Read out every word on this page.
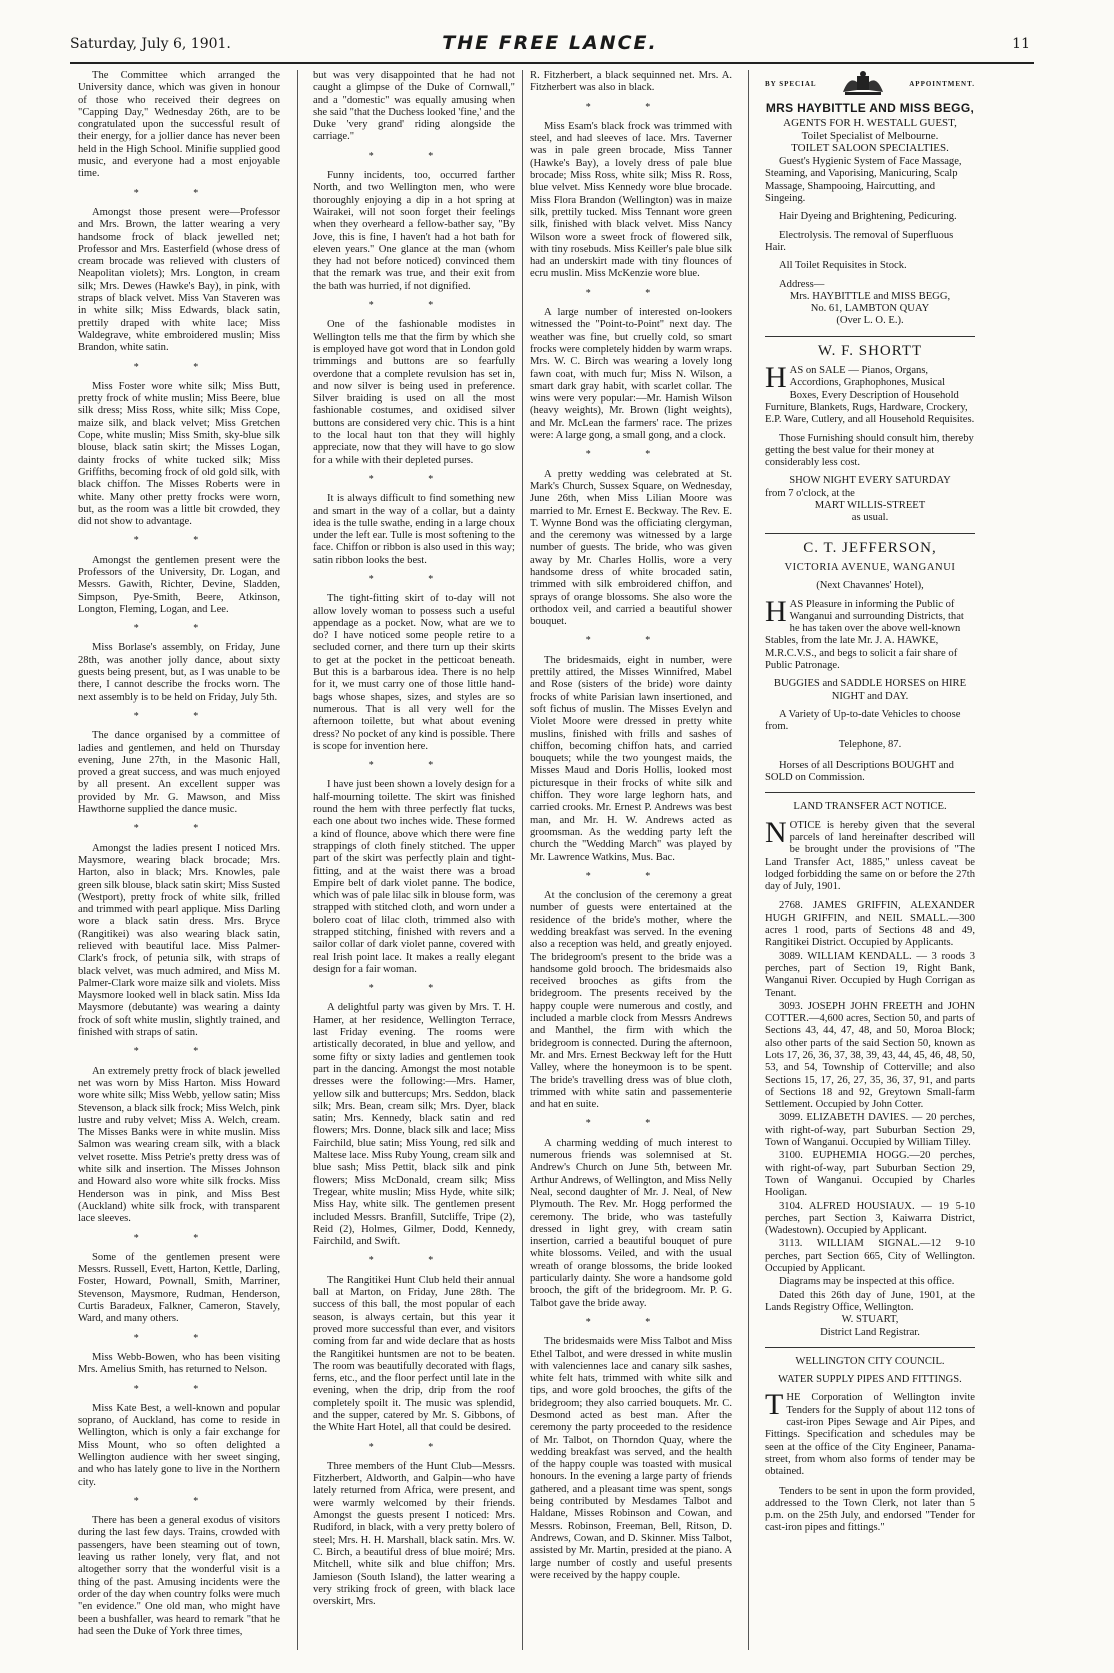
Saturday, July 6, 1901.	THE FREE LANCE.	11

The Committee which arranged the University dance, which was given in honour of those who received their degrees on "Capping Day," Wednesday 26th, are to be congratulated upon the successful result of their energy, for a jollier dance has never been held in the High School. Minifie supplied good music, and everyone had a most enjoyable time.

* *

Amongst those present were—Professor and Mrs. Brown, the latter wearing a very handsome frock of black jewelled net; Professor and Mrs. Easterfield (whose dress of cream brocade was relieved with clusters of Neapolitan violets); Mrs. Longton, in cream silk; Mrs. Dewes (Hawke's Bay), in pink, with straps of black velvet. Miss Van Staveren was in white silk; Miss Edwards, black satin, prettily draped with white lace; Miss Waldegrave, white embroidered muslin; Miss Brandon, white satin.

* *

Miss Foster wore white silk; Miss Butt, pretty frock of white muslin; Miss Beere, blue silk dress; Miss Ross, white silk; Miss Cope, maize silk, and black velvet; Miss Gretchen Cope, white muslin; Miss Smith, sky-blue silk blouse, black satin skirt; the Misses Logan, dainty frocks of white tucked silk; Miss Griffiths, becoming frock of old gold silk, with black chiffon. The Misses Roberts were in white. Many other pretty frocks were worn, but, as the room was a little bit crowded, they did not show to advantage.

* *

Amongst the gentlemen present were the Professors of the University, Dr. Logan, and Messrs. Gawith, Richter, Devine, Sladden, Simpson, Pye-Smith, Beere, Atkinson, Longton, Fleming, Logan, and Lee.

* *

Miss Borlase's assembly, on Friday, June 28th, was another jolly dance, about sixty guests being present, but, as I was unable to be there, I cannot describe the frocks worn. The next assembly is to be held on Friday, July 5th.

* *

The dance organised by a committee of ladies and gentlemen, and held on Thursday evening, June 27th, in the Masonic Hall, proved a great success, and was much enjoyed by all present. An excellent supper was provided by Mr. G. Mawson, and Miss Hawthorne supplied the dance music.

* *

Amongst the ladies present I noticed Mrs. Maysmore, wearing black brocade; Mrs. Harton, also in black; Mrs. Knowles, pale green silk blouse, black satin skirt; Miss Susted (Westport), pretty frock of white silk, frilled and trimmed with pearl applique. Miss Darling wore a black satin dress. Mrs. Bryce (Rangitikei) was also wearing black satin, relieved with beautiful lace. Miss Palmer-Clark's frock, of petunia silk, with straps of black velvet, was much admired, and Miss M. Palmer-Clark wore maize silk and violets. Miss Maysmore looked well in black satin. Miss Ida Maysmore (debutante) was wearing a dainty frock of soft white muslin, slightly trained, and finished with straps of satin.

* *

An extremely pretty frock of black jewelled net was worn by Miss Harton. Miss Howard wore white silk; Miss Webb, yellow satin; Miss Stevenson, a black silk frock; Miss Welch, pink lustre and ruby velvet; Miss A. Welch, cream. The Misses Banks were in white muslin. Miss Salmon was wearing cream silk, with a black velvet rosette. Miss Petrie's pretty dress was of white silk and insertion. The Misses Johnson and Howard also wore white silk frocks. Miss Henderson was in pink, and Miss Best (Auckland) white silk frock, with transparent lace sleeves.

* *

Some of the gentlemen present were Messrs. Russell, Evett, Harton, Kettle, Darling, Foster, Howard, Pownall, Smith, Marriner, Stevenson, Maysmore, Rudman, Henderson, Curtis Baradeux, Falkner, Cameron, Stavely, Ward, and many others.

* *

Miss Webb-Bowen, who has been visiting Mrs. Amelius Smith, has returned to Nelson.

* *

Miss Kate Best, a well-known and popular soprano, of Auckland, has come to reside in Wellington, which is only a fair exchange for Miss Mount, who so often delighted a Wellington audience with her sweet singing, and who has lately gone to live in the Northern city.

* *

There has been a general exodus of visitors during the last few days. Trains, crowded with passengers, have been steaming out of town, leaving us rather lonely, very flat, and not altogether sorry that the wonderful visit is a thing of the past. Amusing incidents were the order of the day when country folks were much "en evidence." One old man, who might have been a bushfaller, was heard to remark "that he had seen the Duke of York three times,

but was very disappointed that he had not caught a glimpse of the Duke of Cornwall," and a "domestic" was equally amusing when she said "that the Duchess looked 'fine,' and the Duke 'very grand' riding alongside the carriage."

* *

Funny incidents, too, occurred farther North, and two Wellington men, who were thoroughly enjoying a dip in a hot spring at Wairakei, will not soon forget their feelings when they overheard a fellow-bather say, "By Jove, this is fine, I haven't had a hot bath for eleven years." One glance at the man (whom they had not before noticed) convinced them that the remark was true, and their exit from the bath was hurried, if not dignified.

* *

One of the fashionable modistes in Wellington tells me that the firm by which she is employed have got word that in London gold trimmings and buttons are so fearfully overdone that a complete revulsion has set in, and now silver is being used in preference. Silver braiding is used on all the most fashionable costumes, and oxidised silver buttons are considered very chic. This is a hint to the local haut ton that they will highly appreciate, now that they will have to go slow for a while with their depleted purses.

* *

It is always difficult to find something new and smart in the way of a collar, but a dainty idea is the tulle swathe, ending in a large choux under the left ear. Tulle is most softening to the face. Chiffon or ribbon is also used in this way; satin ribbon looks the best.

* *

The tight-fitting skirt of to-day will not allow lovely woman to possess such a useful appendage as a pocket. Now, what are we to do? I have noticed some people retire to a secluded corner, and there turn up their skirts to get at the pocket in the petticoat beneath. But this is a barbarous idea. There is no help for it, we must carry one of those little hand-bags whose shapes, sizes, and styles are so numerous. That is all very well for the afternoon toilette, but what about evening dress? No pocket of any kind is possible. There is scope for invention here.

* *

I have just been shown a lovely design for a half-mourning toilette. The skirt was finished round the hem with three perfectly flat tucks, each one about two inches wide. These formed a kind of flounce, above which there were fine strappings of cloth finely stitched. The upper part of the skirt was perfectly plain and tight-fitting, and at the waist there was a broad Empire belt of dark violet panne. The bodice, which was of pale lilac silk in blouse form, was strapped with stitched cloth, and worn under a bolero coat of lilac cloth, trimmed also with strapped stitching, finished with revers and a sailor collar of dark violet panne, covered with real Irish point lace. It makes a really elegant design for a fair woman.

* *

A delightful party was given by Mrs. T. H. Hamer, at her residence, Wellington Terrace, last Friday evening. The rooms were artistically decorated, in blue and yellow, and some fifty or sixty ladies and gentlemen took part in the dancing. Amongst the most notable dresses were the following:—Mrs. Hamer, yellow silk and buttercups; Mrs. Seddon, black silk; Mrs. Bean, cream silk; Mrs. Dyer, black satin; Mrs. Kennedy, black satin and red flowers; Mrs. Donne, black silk and lace; Miss Fairchild, blue satin; Miss Young, red silk and Maltese lace. Miss Ruby Young, cream silk and blue sash; Miss Pettit, black silk and pink flowers; Miss McDonald, cream silk; Miss Tregear, white muslin; Miss Hyde, white silk; Miss Hay, white silk. The gentlemen present included Messrs. Branfill, Sutcliffe, Tripe (2), Reid (2), Holmes, Gilmer, Dodd, Kennedy, Fairchild, and Swift.

* *

The Rangitikei Hunt Club held their annual ball at Marton, on Friday, June 28th. The success of this ball, the most popular of each season, is always certain, but this year it proved more successful than ever, and visitors coming from far and wide declare that as hosts the Rangitikei huntsmen are not to be beaten. The room was beautifully decorated with flags, ferns, etc., and the floor perfect until late in the evening, when the drip, drip from the roof completely spoilt it. The music was splendid, and the supper, catered by Mr. S. Gibbons, of the White Hart Hotel, all that could be desired.

* *

Three members of the Hunt Club—Messrs. Fitzherbert, Aldworth, and Galpin—who have lately returned from Africa, were present, and were warmly welcomed by their friends. Amongst the guests present I noticed: Mrs. Rudiford, in black, with a very pretty bolero of steel; Mrs. H. H. Marshall, black satin. Mrs. W. C. Birch, a beautiful dress of blue moiré; Mrs. Mitchell, white silk and blue chiffon; Mrs. Jamieson (South Island), the latter wearing a very striking frock of green, with black lace overskirt, Mrs.

R. Fitzherbert, a black sequinned net. Mrs. A. Fitzherbert was also in black.

* *

Miss Esam's black frock was trimmed with steel, and had sleeves of lace. Mrs. Taverner was in pale green brocade, Miss Tanner (Hawke's Bay), a lovely dress of pale blue brocade; Miss Ross, white silk; Miss R. Ross, blue velvet. Miss Kennedy wore blue brocade. Miss Flora Brandon (Wellington) was in maize silk, prettily tucked. Miss Tennant wore green silk, finished with black velvet. Miss Nancy Wilson wore a sweet frock of flowered silk, with tiny rosebuds. Miss Keiller's pale blue silk had an underskirt made with tiny flounces of ecru muslin. Miss McKenzie wore blue.

* *

A large number of interested on-lookers witnessed the "Point-to-Point" next day. The weather was fine, but cruelly cold, so smart frocks were completely hidden by warm wraps. Mrs. W. C. Birch was wearing a lovely long fawn coat, with much fur; Miss N. Wilson, a smart dark gray habit, with scarlet collar. The wins were very popular:—Mr. Hamish Wilson (heavy weights), Mr. Brown (light weights), and Mr. McLean the farmers' race. The prizes were: A large gong, a small gong, and a clock.

* *

A pretty wedding was celebrated at St. Mark's Church, Sussex Square, on Wednesday, June 26th, when Miss Lilian Moore was married to Mr. Ernest E. Beckway. The Rev. E. T. Wynne Bond was the officiating clergyman, and the ceremony was witnessed by a large number of guests. The bride, who was given away by Mr. Charles Hollis, wore a very handsome dress of white brocaded satin, trimmed with silk embroidered chiffon, and sprays of orange blossoms. She also wore the orthodox veil, and carried a beautiful shower bouquet.

* *

The bridesmaids, eight in number, were prettily attired, the Misses Winnifred, Mabel and Rose (sisters of the bride) wore dainty frocks of white Parisian lawn insertioned, and soft fichus of muslin. The Misses Evelyn and Violet Moore were dressed in pretty white muslins, finished with frills and sashes of chiffon, becoming chiffon hats, and carried bouquets; while the two youngest maids, the Misses Maud and Doris Hollis, looked most picturesque in their frocks of white silk and chiffon. They wore large leghorn hats, and carried crooks. Mr. Ernest P. Andrews was best man, and Mr. H. W. Andrews acted as groomsman. As the wedding party left the church the "Wedding March" was played by Mr. Lawrence Watkins, Mus. Bac.

* *

At the conclusion of the ceremony a great number of guests were entertained at the residence of the bride's mother, where the wedding breakfast was served. In the evening also a reception was held, and greatly enjoyed. The bridegroom's present to the bride was a handsome gold brooch. The bridesmaids also received brooches as gifts from the bridegroom. The presents received by the happy couple were numerous and costly, and included a marble clock from Messrs Andrews and Manthel, the firm with which the bridegroom is connected. During the afternoon, Mr. and Mrs. Ernest Beckway left for the Hutt Valley, where the honeymoon is to be spent. The bride's travelling dress was of blue cloth, trimmed with white satin and passementerie and hat en suite.

* *

A charming wedding of much interest to numerous friends was solemnised at St. Andrew's Church on June 5th, between Mr. Arthur Andrews, of Wellington, and Miss Nelly Neal, second daughter of Mr. J. Neal, of New Plymouth. The Rev. Mr. Hogg performed the ceremony. The bride, who was tastefully dressed in light grey, with cream satin insertion, carried a beautiful bouquet of pure white blossoms. Veiled, and with the usual wreath of orange blossoms, the bride looked particularly dainty. She wore a handsome gold brooch, the gift of the bridegroom. Mr. P. G. Talbot gave the bride away.

* *

The bridesmaids were Miss Talbot and Miss Ethel Talbot, and were dressed in white muslin with valenciennes lace and canary silk sashes, white felt hats, trimmed with white silk and tips, and wore gold brooches, the gifts of the bridegroom; they also carried bouquets. Mr. C. Desmond acted as best man. After the ceremony the party proceeded to the residence of Mr. Talbot, on Thorndon Quay, where the wedding breakfast was served, and the health of the happy couple was toasted with musical honours. In the evening a large party of friends gathered, and a pleasant time was spent, songs being contributed by Mesdames Talbot and Haldane, Misses Robinson and Cowan, and Messrs. Robinson, Freeman, Bell, Ritson, D. Andrews, Cowan, and D. Skinner. Miss Talbot, assisted by Mr. Martin, presided at the piano. A large number of costly and useful presents were received by the happy couple.

BY SPECIAL	APPOINTMENT.
MRS HAYBITTLE AND MISS BEGG,
AGENTS FOR H. WESTALL GUEST,
Toilet Specialist of Melbourne.
TOILET SALOON SPECIALTIES.

Guest's Hygienic System of Face Massage, Steaming, and Vaporising, Manicuring, Scalp Massage, Shampooing, Haircutting, and Singeing.

Hair Dyeing and Brightening, Pedicuring.

Electrolysis. The removal of Superfluous Hair.

All Toilet Requisites in Stock.

Address—
Mrs. HAYBITTLE and MISS BEGG,
No. 61, LAMBTON QUAY
(Over L. O. E.).
W. F. SHORTT

HAS on SALE — Pianos, Organs, Accordions, Graphophones, Musical Boxes, Every Description of Household Furniture, Blankets, Rugs, Hardware, Crockery, E.P. Ware, Cutlery, and all Household Requisites.

Those Furnishing should consult him, thereby getting the best value for their money at considerably less cost.

SHOW NIGHT EVERY SATURDAY
from 7 o'clock, at the
MART WILLIS-STREET
as usual.
C. T. JEFFERSON,
VICTORIA AVENUE, WANGANUI
(Next Chavannes' Hotel),

HAS Pleasure in informing the Public of Wanganui and surrounding Districts, that he has taken over the above well-known Stables, from the late Mr. J. A. HAWKE, M.R.C.V.S., and begs to solicit a fair share of Public Patronage.

BUGGIES and SADDLE HORSES on HIRE NIGHT and DAY.

A Variety of Up-to-date Vehicles to choose from.

Telephone, 87.

Horses of all Descriptions BOUGHT and SOLD on Commission.

LAND TRANSFER ACT NOTICE.

NOTICE is hereby given that the several parcels of land hereinafter described will be brought under the provisions of "The Land Transfer Act, 1885," unless caveat be lodged forbidding the same on or before the 27th day of July, 1901.

2768. JAMES GRIFFIN, ALEXANDER HUGH GRIFFIN, and NEIL SMALL.—300 acres 1 rood, parts of Sections 48 and 49, Rangitikei District. Occupied by Applicants.

3089. WILLIAM KENDALL. — 3 roods 3 perches, part of Section 19, Right Bank, Wanganui River. Occupied by Hugh Corrigan as Tenant.

3093. JOSEPH JOHN FREETH and JOHN COTTER.—4,600 acres, Section 50, and parts of Sections 43, 44, 47, 48, and 50, Moroa Block; also other parts of the said Section 50, known as Lots 17, 26, 36, 37, 38, 39, 43, 44, 45, 46, 48, 50, 53, and 54, Township of Cotterville; and also Sections 15, 17, 26, 27, 35, 36, 37, 91, and parts of Sections 18 and 92, Greytown Small-farm Settlement. Occupied by John Cotter.

3099. ELIZABETH DAVIES. — 20 perches, with right-of-way, part Suburban Section 29, Town of Wanganui. Occupied by William Tilley.

3100. EUPHEMIA HOGG.—20 perches, with right-of-way, part Suburban Section 29, Town of Wanganui. Occupied by Charles Hooligan.

3104. ALFRED HOUSIAUX. — 19 5-10 perches, part Section 3, Kaiwarra District, (Wadestown). Occupied by Applicant.

3113. WILLIAM SIGNAL.—12 9-10 perches, part Section 665, City of Wellington. Occupied by Applicant.

Diagrams may be inspected at this office.

Dated this 26th day of June, 1901, at the Lands Registry Office, Wellington.

W. STUART,
District Land Registrar.
WELLINGTON CITY COUNCIL.
WATER SUPPLY PIPES AND FITTINGS.

THE Corporation of Wellington invite Tenders for the Supply of about 112 tons of cast-iron Pipes Sewage and Air Pipes, and Fittings. Specification and schedules may be seen at the office of the City Engineer, Panama-street, from whom also forms of tender may be obtained.

Tenders to be sent in upon the form provided, addressed to the Town Clerk, not later than 5 p.m. on the 25th July, and endorsed "Tender for cast-iron pipes and fittings."
